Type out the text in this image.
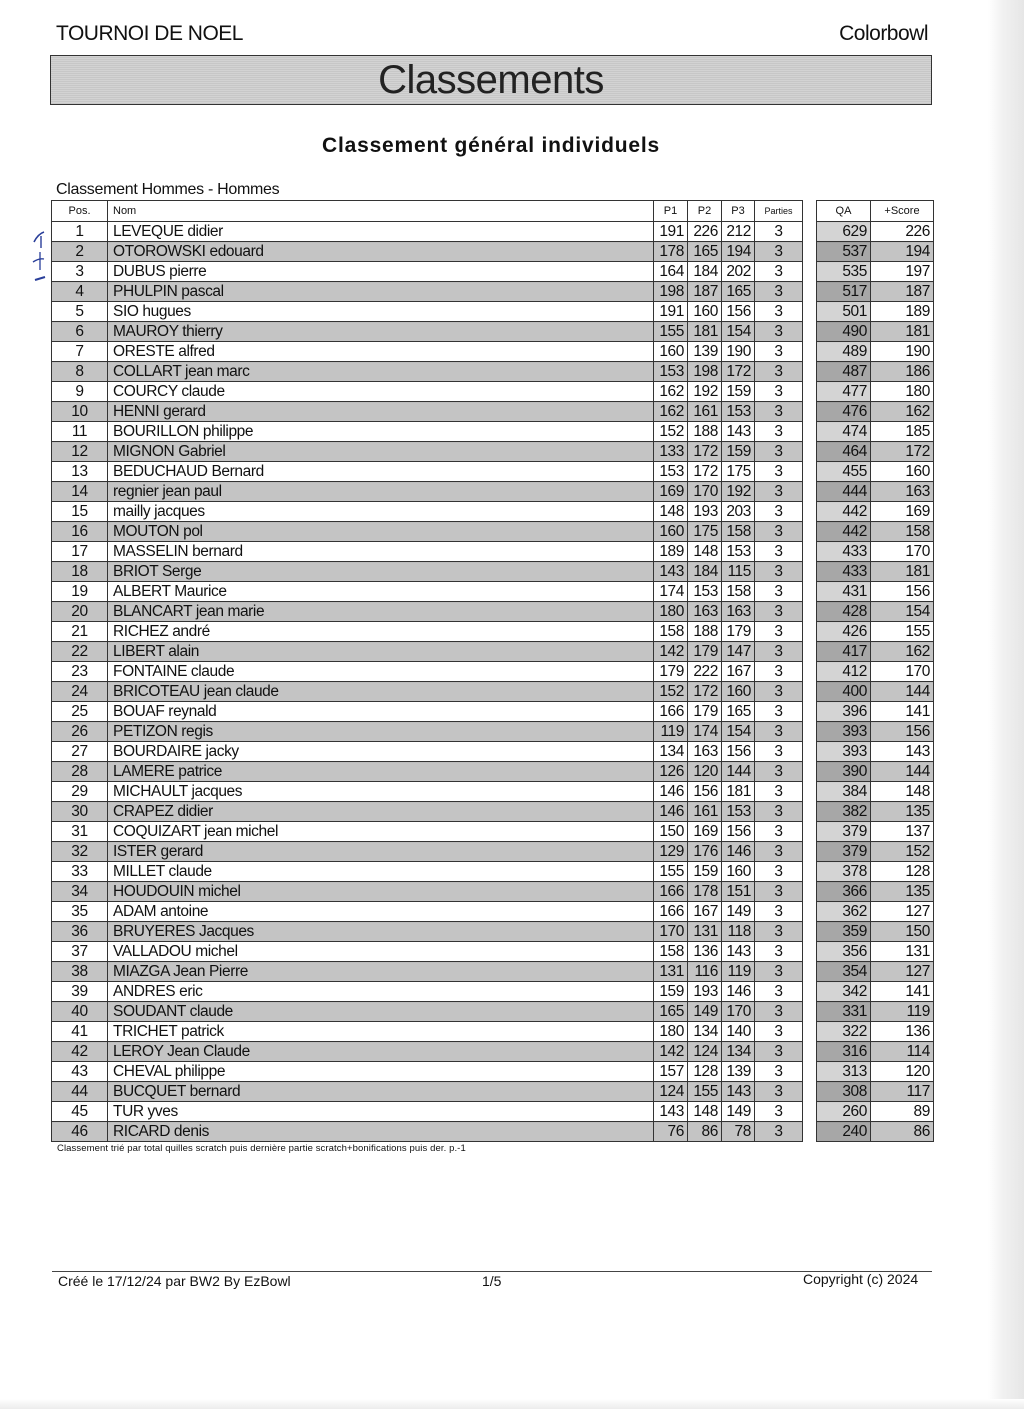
TOURNOI DE NOEL	Colorbowl
Classements
Classement général individuels
Classement Hommes - Hommes
Pos.	Nom	P1	P2	P3	Parties		QA	+Score
1	LEVEQUE didier	191	226	212	3		629	226
2	OTOROWSKI edouard	178	165	194	3		537	194
3	DUBUS pierre	164	184	202	3		535	197
4	PHULPIN pascal	198	187	165	3		517	187
5	SIO hugues	191	160	156	3		501	189
6	MAUROY thierry	155	181	154	3		490	181
7	ORESTE alfred	160	139	190	3		489	190
8	COLLART jean marc	153	198	172	3		487	186
9	COURCY claude	162	192	159	3		477	180
10	HENNI gerard	162	161	153	3		476	162
11	BOURILLON philippe	152	188	143	3		474	185
12	MIGNON Gabriel	133	172	159	3		464	172
13	BEDUCHAUD Bernard	153	172	175	3		455	160
14	regnier jean paul	169	170	192	3		444	163
15	mailly jacques	148	193	203	3		442	169
16	MOUTON pol	160	175	158	3		442	158
17	MASSELIN bernard	189	148	153	3		433	170
18	BRIOT Serge	143	184	115	3		433	181
19	ALBERT Maurice	174	153	158	3		431	156
20	BLANCART jean marie	180	163	163	3		428	154
21	RICHEZ andré	158	188	179	3		426	155
22	LIBERT alain	142	179	147	3		417	162
23	FONTAINE claude	179	222	167	3		412	170
24	BRICOTEAU jean claude	152	172	160	3		400	144
25	BOUAF reynald	166	179	165	3		396	141
26	PETIZON regis	119	174	154	3		393	156
27	BOURDAIRE jacky	134	163	156	3		393	143
28	LAMERE patrice	126	120	144	3		390	144
29	MICHAULT jacques	146	156	181	3		384	148
30	CRAPEZ didier	146	161	153	3		382	135
31	COQUIZART jean michel	150	169	156	3		379	137
32	ISTER gerard	129	176	146	3		379	152
33	MILLET claude	155	159	160	3		378	128
34	HOUDOUIN michel	166	178	151	3		366	135
35	ADAM antoine	166	167	149	3		362	127
36	BRUYERES Jacques	170	131	118	3		359	150
37	VALLADOU michel	158	136	143	3		356	131
38	MIAZGA Jean Pierre	131	116	119	3		354	127
39	ANDRES eric	159	193	146	3		342	141
40	SOUDANT claude	165	149	170	3		331	119
41	TRICHET patrick	180	134	140	3		322	136
42	LEROY Jean Claude	142	124	134	3		316	114
43	CHEVAL philippe	157	128	139	3		313	120
44	BUCQUET bernard	124	155	143	3		308	117
45	TUR yves	143	148	149	3		260	89
46	RICARD denis	76	86	78	3		240	86
Classement trié par total quilles scratch puis dernière partie scratch+bonifications puis der. p.-1
Créé le 17/12/24 par BW2 By EzBowl	1/5	Copyright (c) 2024
